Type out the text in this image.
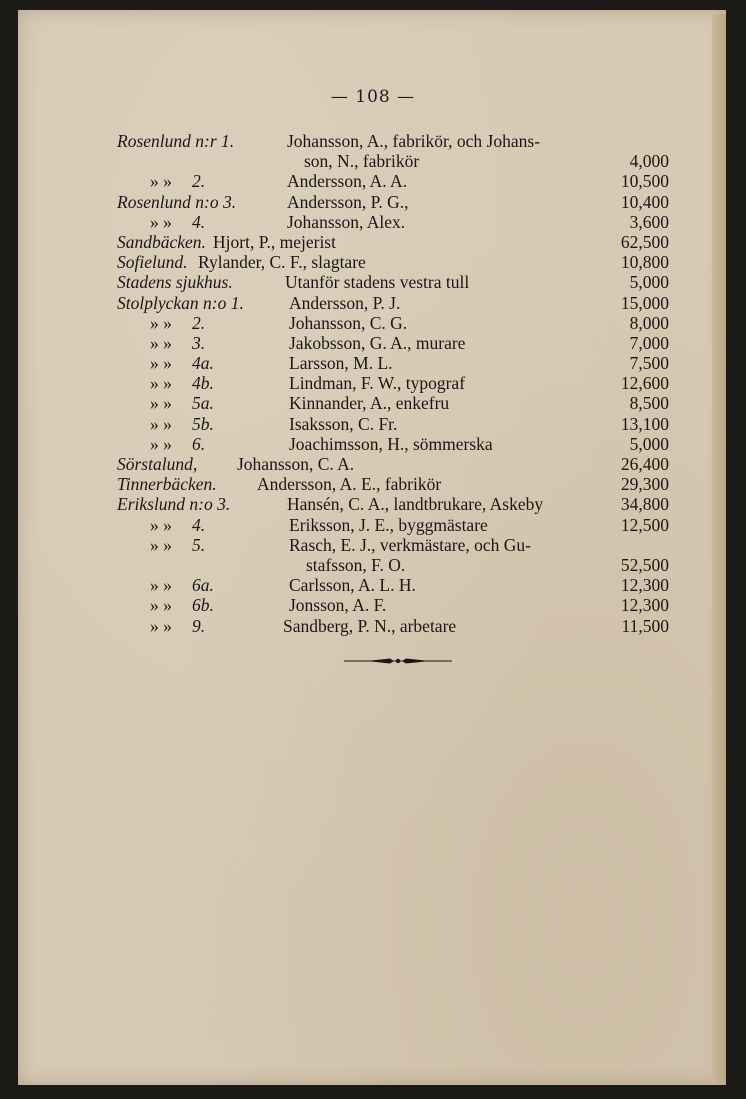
— 108 —
Rosenlund n:r 1.	Johansson, A., fabrikör, och Johans-
son, N., fabrikör	4,000
» » 2.	Andersson, A. A.	10,500
Rosenlund n:o 3.	Andersson, P. G.,	10,400
» » 4.	Johansson, Alex.	3,600
Sandbäcken. Hjort, P., mejerist	62,500
Sofielund. Rylander, C. F., slagtare	10,800
Stadens sjukhus.	Utanför stadens vestra tull	5,000
Stolplyckan n:o 1.	Andersson, P. J.	15,000
» » 2.	Johansson, C. G.	8,000
» » 3.	Jakobsson, G. A., murare	7,000
» » 4a.	Larsson, M. L.	7,500
» » 4b.	Lindman, F. W., typograf	12,600
» » 5a.	Kinnander, A., enkefru	8,500
» » 5b.	Isaksson, C. Fr.	13,100
» » 6.	Joachimsson, H., sömmerska	5,000
Sörstalund, Johansson, C. A.	26,400
Tinnerbäcken. Andersson, A. E., fabrikör	29,300
Erikslund n:o 3.	Hansén, C. A., landtbrukare, Askeby	34,800
» » 4.	Eriksson, J. E., byggmästare	12,500
» » 5.	Rasch, E. J., verkmästare, och Gu-
stafsson, F. O.	52,500
» » 6a.	Carlsson, A. L. H.	12,300
» » 6b.	Jonsson, A. F.	12,300
» » 9.	Sandberg, P. N., arbetare	11,500
